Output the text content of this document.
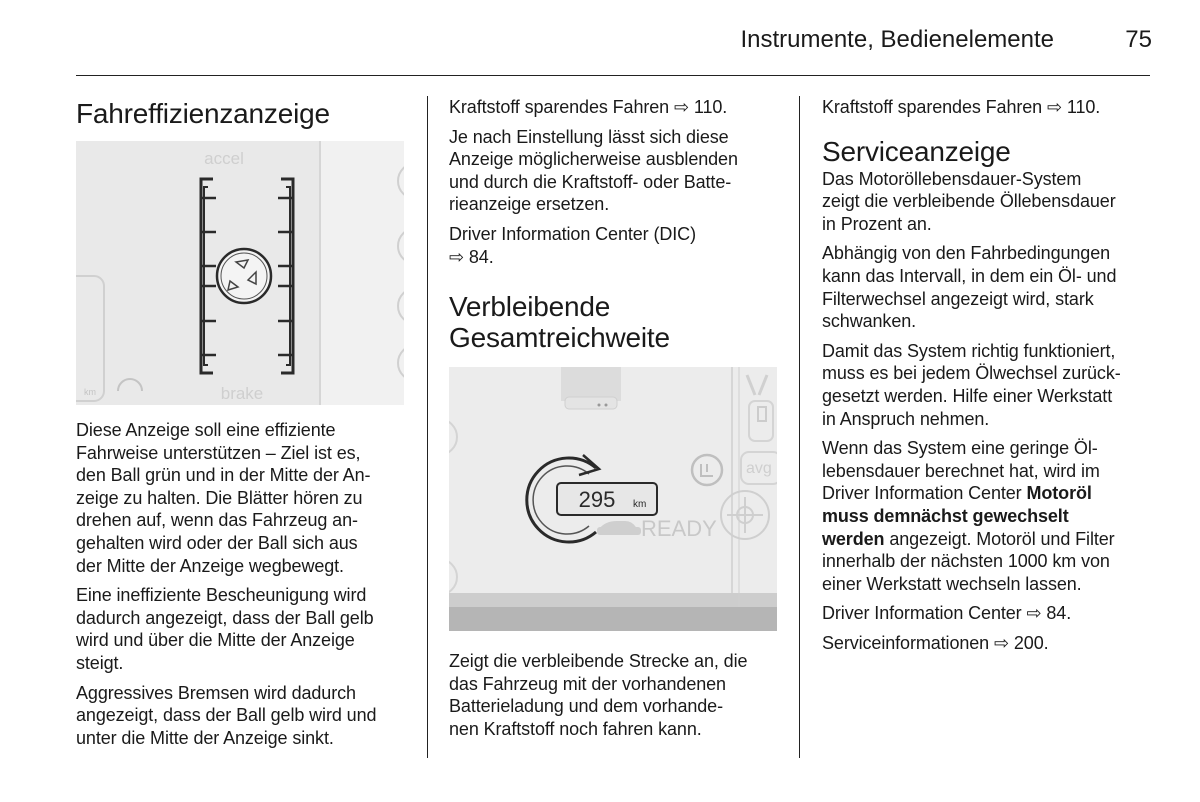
Instrumente, Bedienelemente	75
Fahreffizienzanzeige
accel
brake
km

Diese Anzeige soll eine effiziente
Fahrweise unterstützen – Ziel ist es,
den Ball grün und in der Mitte der An-
zeige zu halten. Die Blätter hören zu
drehen auf, wenn das Fahrzeug an-
gehalten wird oder der Ball sich aus
der Mitte der Anzeige wegbewegt.

Eine ineffiziente Bescheunigung wird
dadurch angezeigt, dass der Ball gelb
wird und über die Mitte der Anzeige
steigt.

Aggressives Bremsen wird dadurch
angezeigt, dass der Ball gelb wird und
unter die Mitte der Anzeige sinkt.

Kraftstoff sparendes Fahren ⇨ 110.

Je nach Einstellung lässt sich diese
Anzeige möglicherweise ausblenden
und durch die Kraftstoff- oder Batte-
rieanzeige ersetzen.

Driver Information Center (DIC)
⇨ 84.

Verbleibende
Gesamtreichweite
avg
295 km
READY

Zeigt die verbleibende Strecke an, die
das Fahrzeug mit der vorhandenen
Batterieladung und dem vorhande-
nen Kraftstoff noch fahren kann.

Kraftstoff sparendes Fahren ⇨ 110.

Serviceanzeige

Das Motoröllebensdauer-System
zeigt die verbleibende Öllebensdauer
in Prozent an.

Abhängig von den Fahrbedingungen
kann das Intervall, in dem ein Öl- und
Filterwechsel angezeigt wird, stark
schwanken.

Damit das System richtig funktioniert,
muss es bei jedem Ölwechsel zurück-
gesetzt werden. Hilfe einer Werkstatt
in Anspruch nehmen.

Wenn das System eine geringe Öl-
lebensdauer berechnet hat, wird im
Driver Information Center Motoröl
muss demnächst gewechselt
werden angezeigt. Motoröl und Filter
innerhalb der nächsten 1000 km von
einer Werkstatt wechseln lassen.

Driver Information Center ⇨ 84.

Serviceinformationen ⇨ 200.
